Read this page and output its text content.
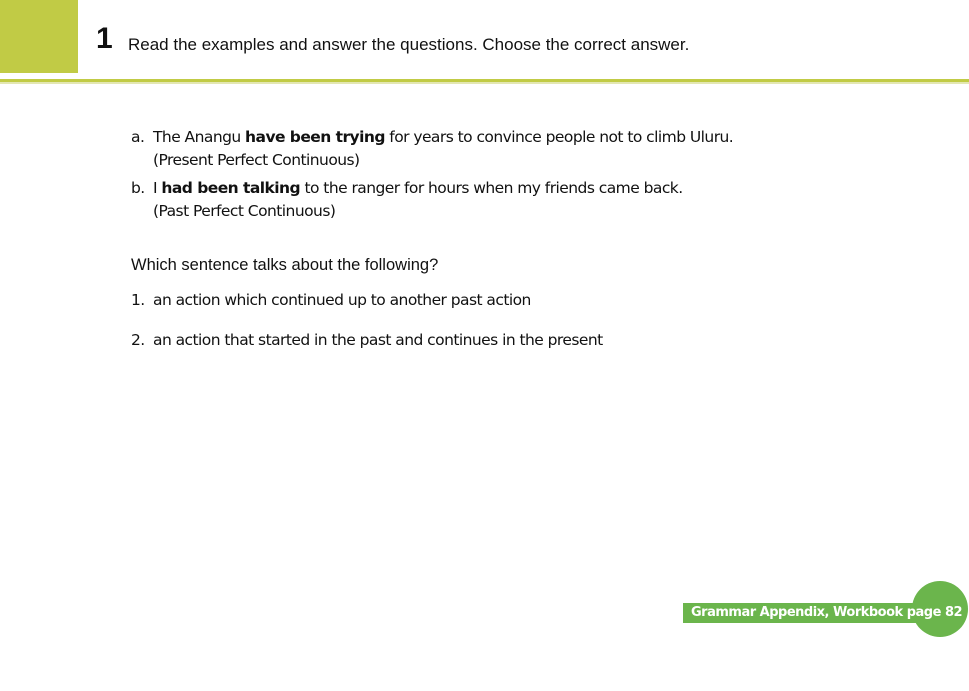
1 Read the examples and answer the questions. Choose the correct answer.
a. The Anangu have been trying for years to convince people not to climb Uluru.
(Present Perfect Continuous)
b. I had been talking to the ranger for hours when my friends came back.
(Past Perfect Continuous)
Which sentence talks about the following?
1. an action which continued up to another past action
2. an action that started in the past and continues in the present
Grammar Appendix, Workbook page 82
